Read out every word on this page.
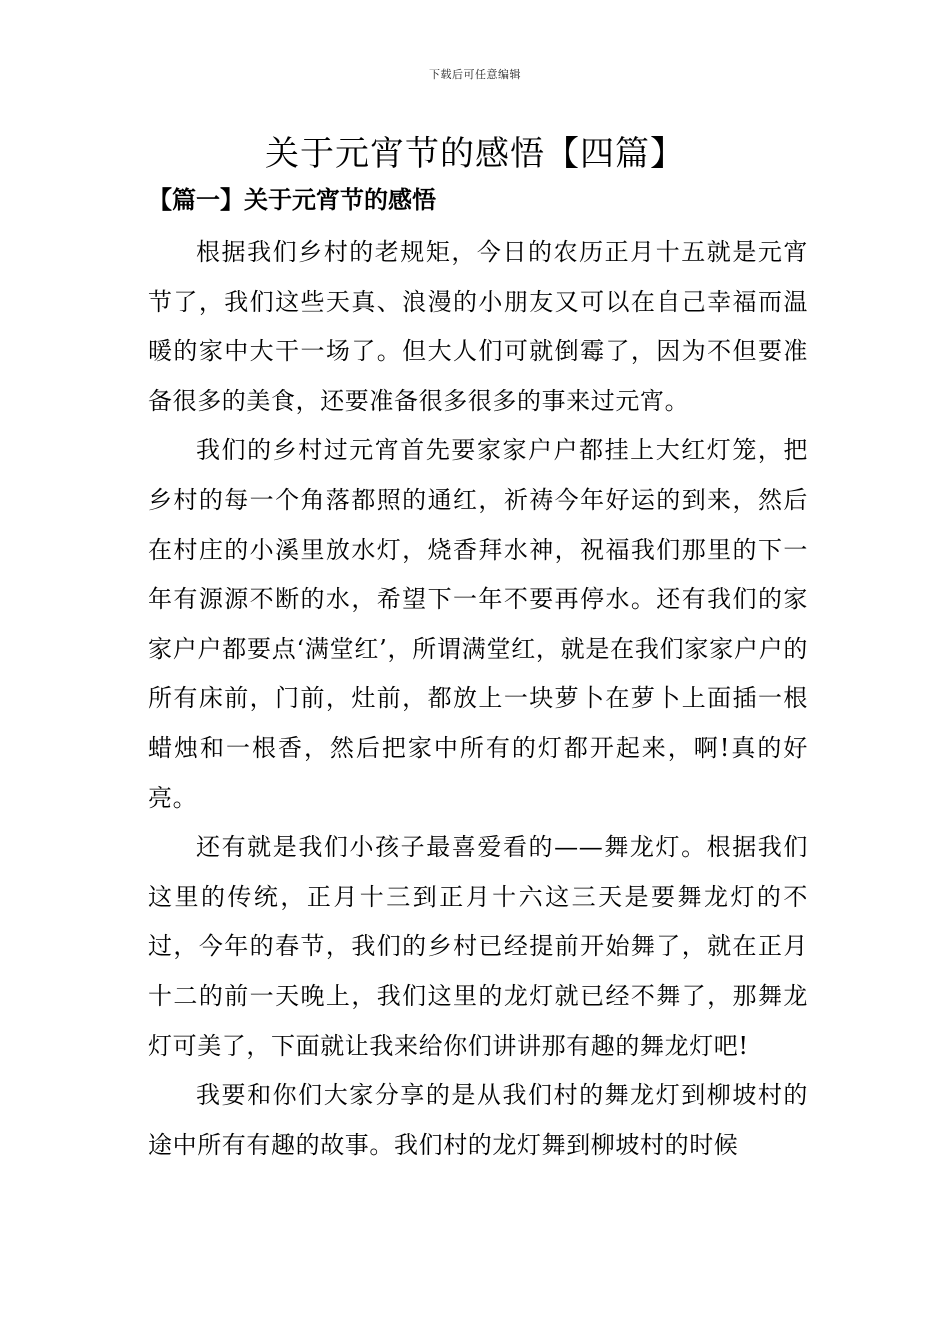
下载后可任意编辑
关于元宵节的感悟【四篇】
【篇一】关于元宵节的感悟

根据我们乡村的老规矩，今日的农历正月十五就是元宵节了，我们这些天真、浪漫的小朋友又可以在自己幸福而温暖的家中大干一场了。但大人们可就倒霉了，因为不但要准备很多的美食，还要准备很多很多的事来过元宵。

我们的乡村过元宵首先要家家户户都挂上大红灯笼，把乡村的每一个角落都照的通红，祈祷今年好运的到来，然后在村庄的小溪里放水灯，烧香拜水神，祝福我们那里的下一年有源源不断的水，希望下一年不要再停水。还有我们的家家户户都要点‘满堂红’，所谓满堂红，就是在我们家家户户的所有床前，门前，灶前，都放上一块萝卜在萝卜上面插一根蜡烛和一根香，然后把家中所有的灯都开起来，啊!真的好亮。

还有就是我们小孩子最喜爱看的——舞龙灯。根据我们这里的传统，正月十三到正月十六这三天是要舞龙灯的不过，今年的春节，我们的乡村已经提前开始舞了，就在正月十二的前一天晚上，我们这里的龙灯就已经不舞了，那舞龙灯可美了，下面就让我来给你们讲讲那有趣的舞龙灯吧!

我要和你们大家分享的是从我们村的舞龙灯到柳坡村的途中所有有趣的故事。我们村的龙灯舞到柳坡村的时候
